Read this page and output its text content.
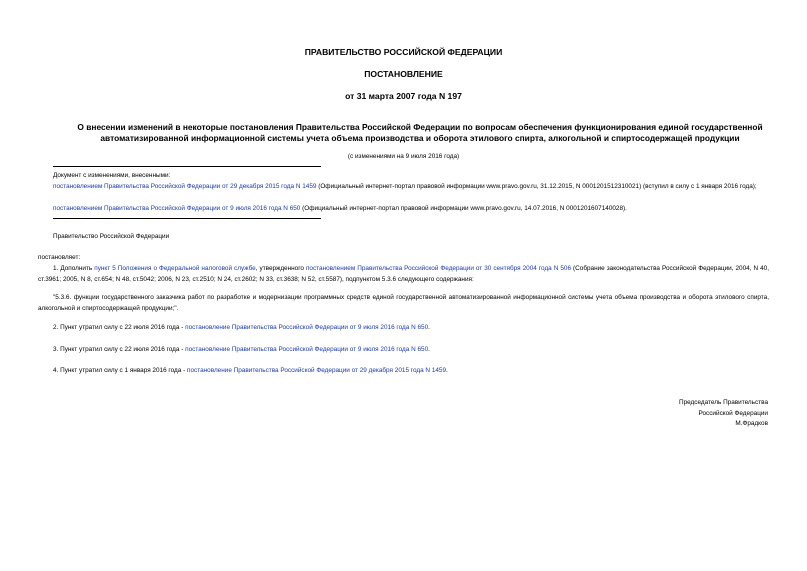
ПРАВИТЕЛЬСТВО РОССИЙСКОЙ ФЕДЕРАЦИИ
ПОСТАНОВЛЕНИЕ
от 31 марта 2007 года N 197
О внесении изменений в некоторые постановления Правительства Российской Федерации по вопросам обеспечения функционирования единой государственной автоматизированной информационной системы учета объема производства и оборота этилового спирта, алкогольной и спиртосодержащей продукции
(с изменениями на 9 июля 2016 года)
Документ с изменениями, внесенными:
постановлением Правительства Российской Федерации от 29 декабря 2015 года N 1459 (Официальный интернет-портал правовой информации www.pravo.gov.ru, 31.12.2015, N 0001201512310021) (вступил в силу с 1 января 2016 года);
постановлением Правительства Российской Федерации от 9 июля 2016 года N 650 (Официальный интернет-портал правовой информации www.pravo.gov.ru, 14.07.2016, N 0001201607140028).
Правительство Российской Федерации
постановляет:
1. Дополнить пункт 5 Положения о Федеральной налоговой службе, утвержденного постановлением Правительства Российской Федерации от 30 сентября 2004 года N 506 (Собрание законодательства Российской Федерации, 2004, N 40, ст.3961; 2005, N 8, ст.654; N 48, ст.5042; 2006, N 23, ст.2510; N 24, ст.2602; N 33, ст.3638; N 52, ст.5587), подпунктом 5.3.6 следующего содержания:
"5.3.6. функции государственного заказчика работ по разработке и модернизации программных средств единой государственной автоматизированной информационной системы учета объема производства и оборота этилового спирта, алкогольной и спиртосодержащей продукции;".
2. Пункт утратил силу с 22 июля 2016 года - постановление Правительства Российской Федерации от 9 июля 2016 года N 650.
3. Пункт утратил силу с 22 июля 2016 года - постановление Правительства Российской Федерации от 9 июля 2016 года N 650.
4. Пункт утратил силу с 1 января 2016 года - постановление Правительства Российской Федерации от 29 декабря 2015 года N 1459.
Председатель Правительства
Российской Федерации
М.Фрадков
